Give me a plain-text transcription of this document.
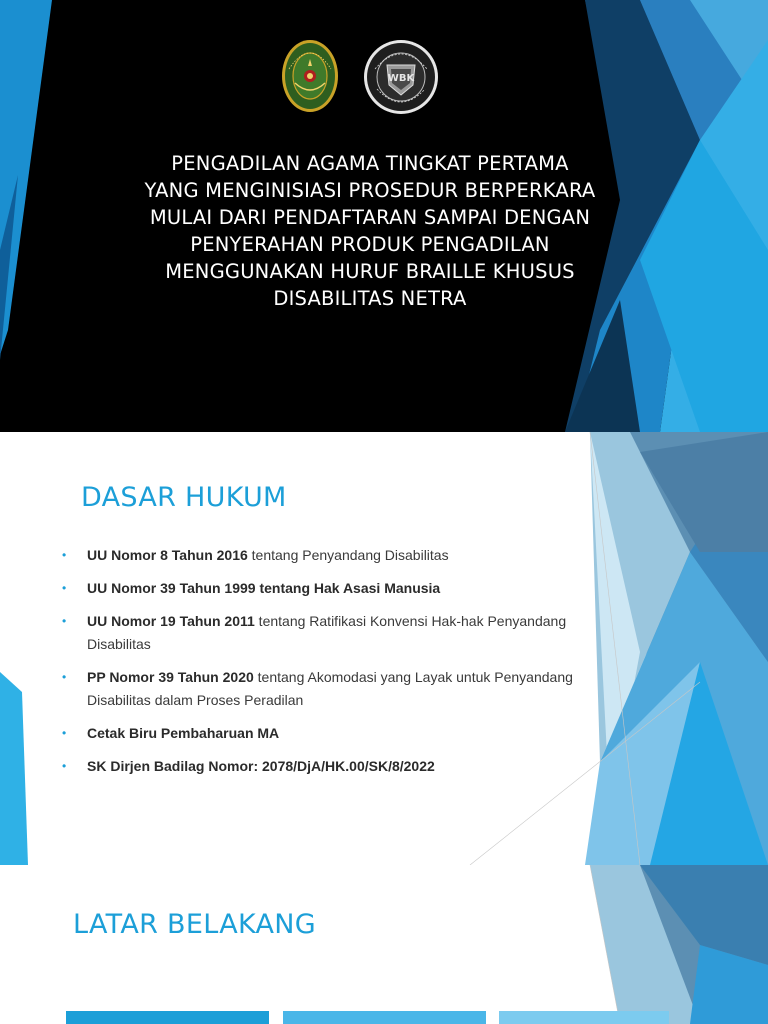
WBK
PENGADILAN AGAMA TINGKAT PERTAMA
YANG MENGINISIASI PROSEDUR BERPERKARA
MULAI DARI PENDAFTARAN SAMPAI DENGAN
PENYERAHAN PRODUK PENGADILAN
MENGGUNAKAN HURUF BRAILLE KHUSUS
DISABILITAS NETRA
DASAR HUKUM
• UU Nomor 8 Tahun 2016 tentang Penyandang Disabilitas
• UU Nomor 39 Tahun 1999 tentang Hak Asasi Manusia
• UU Nomor 19 Tahun 2011 tentang Ratifikasi Konvensi Hak-hak Penyandang Disabilitas
• PP Nomor 39 Tahun 2020 tentang Akomodasi yang Layak untuk Penyandang Disabilitas dalam Proses Peradilan
• Cetak Biru Pembaharuan MA
• SK Dirjen Badilag Nomor: 2078/DjA/HK.00/SK/8/2022
LATAR BELAKANG
